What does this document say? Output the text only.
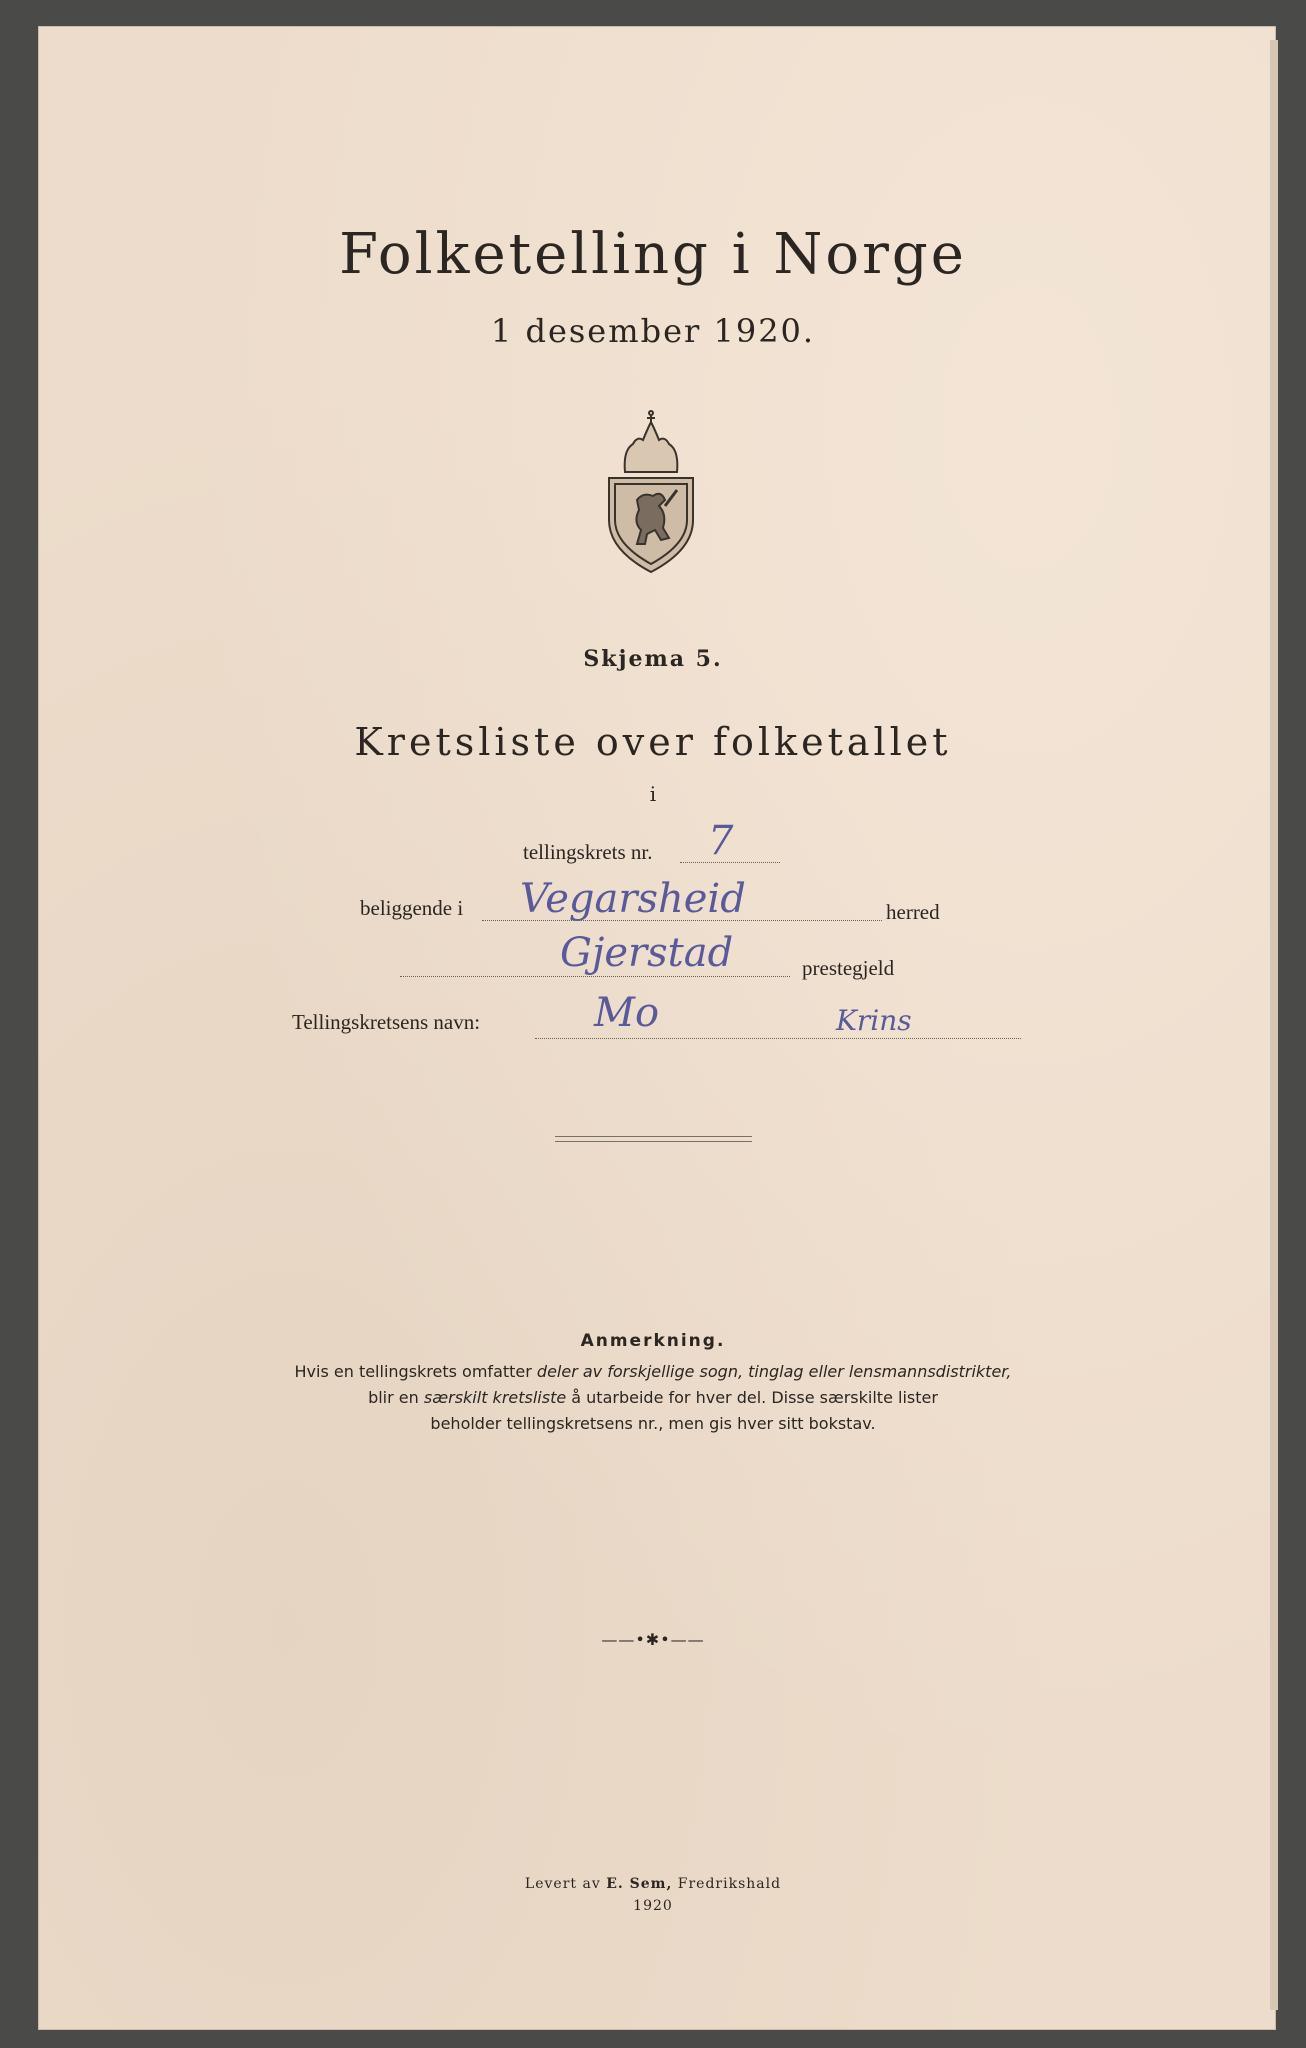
Folketelling i Norge
1 desember 1920.
Skjema 5.
Kretsliste over folketallet
i
tellingskrets nr. 7
beliggende i Vegarsheid	herred
Gjerstad	prestegjeld
Tellingskretsens navn:	Mo	Krins
Anmerkning.
Hvis en tellingskrets omfatter deler av forskjellige sogn, tinglag eller lensmannsdistrikter,
blir en særskilt kretsliste å utarbeide for hver del. Disse særskilte lister
beholder tellingskretsens nr., men gis hver sitt bokstav.
——•✱•——
Levert av E. Sem, Fredrikshald
1920
